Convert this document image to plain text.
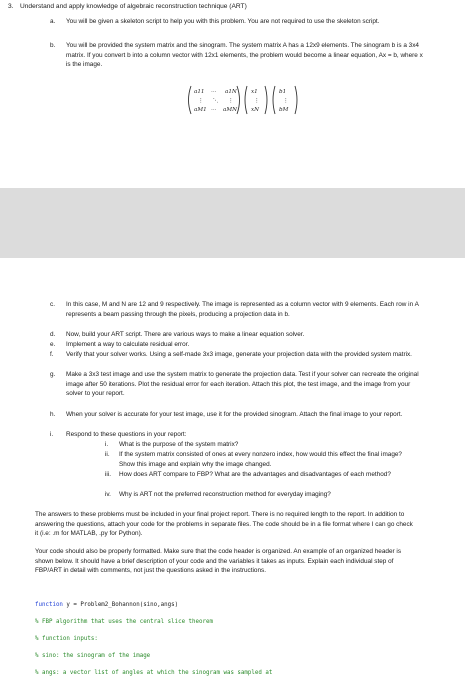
3. Understand and apply knowledge of algebraic reconstruction technique (ART)
a.	You will be given a skeleton script to help you with this problem. You are not required to use the skeleton script.
b.	You will be provided the system matrix and the sinogram. The system matrix A has a 12x9 elements. The sinogram b is a 3x4 matrix. If you convert b into a column vector with 12x1 elements, the problem would become a linear equation, Ax = b, where x is the image.
a11 ··· a1N
⋮ ⋱ ⋮
aM1 ··· aMN
x1
⋮
xN
b1
⋮
bM
c.	In this case, M and N are 12 and 9 respectively. The image is represented as a column vector with 9 elements. Each row in A represents a beam passing through the pixels, producing a projection data in b.
d.	Now, build your ART script. There are various ways to make a linear equation solver.
e.	Implement a way to calculate residual error.
f.	Verify that your solver works. Using a self-made 3x3 image, generate your projection data with the provided system matrix.
g.	Make a 3x3 test image and use the system matrix to generate the projection data. Test if your solver can recreate the original image after 50 iterations. Plot the residual error for each iteration. Attach this plot, the test image, and the image from your solver to your report.
h.	When your solver is accurate for your test image, use it for the provided sinogram. Attach the final image to your report.
i.	Respond to these questions in your report:
i.	What is the purpose of the system matrix?
ii.	If the system matrix consisted of ones at every nonzero index, how would this effect the final image? Show this image and explain why the image changed.
iii.	How does ART compare to FBP? What are the advantages and disadvantages of each method?
iv.	Why is ART not the preferred reconstruction method for everyday imaging?
The answers to these problems must be included in your final project report. There is no required length to the report. In addition to answering the questions, attach your code for the problems in separate files. The code should be in a file format where I can go check it (i.e: .m for MATLAB, .py for Python).
Your code should also be properly formatted. Make sure that the code header is organized. An example of an organized header is shown below. It should have a brief description of your code and the variables it takes as inputs. Explain each individual step of FBP/ART in detail with comments, not just the questions asked in the instructions.

function y = Problem2_Bohannon(sino,angs)

% FBP algorithm that uses the central slice theorem

% function inputs:

% sino: the sinogram of the image

% angs: a vector list of angles at which the sinogram was sampled at
